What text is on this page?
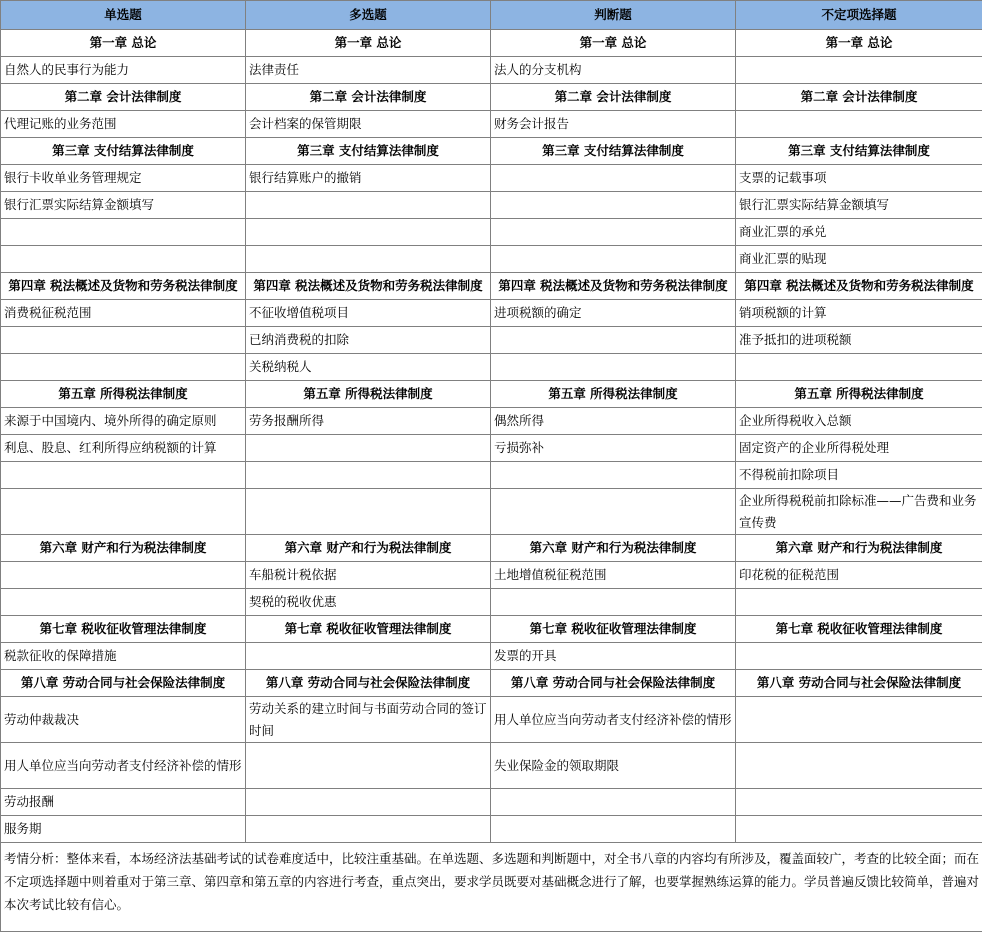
单选题	多选题	判断题	不定项选择题
第一章 总论	第一章 总论	第一章 总论	第一章 总论
自然人的民事行为能力	法律责任	法人的分支机构	
第二章 会计法律制度	第二章 会计法律制度	第二章 会计法律制度	第二章 会计法律制度
代理记账的业务范围	会计档案的保管期限	财务会计报告	
第三章 支付结算法律制度	第三章 支付结算法律制度	第三章 支付结算法律制度	第三章 支付结算法律制度
银行卡收单业务管理规定	银行结算账户的撤销		支票的记载事项
银行汇票实际结算金额填写			银行汇票实际结算金额填写
			商业汇票的承兑
			商业汇票的贴现
第四章 税法概述及货物和劳务税法律制度	第四章 税法概述及货物和劳务税法律制度	第四章 税法概述及货物和劳务税法律制度	第四章 税法概述及货物和劳务税法律制度
消费税征税范围	不征收增值税项目	进项税额的确定	销项税额的计算
	已纳消费税的扣除		准予抵扣的进项税额
	关税纳税人		
第五章 所得税法律制度	第五章 所得税法律制度	第五章 所得税法律制度	第五章 所得税法律制度
来源于中国境内、境外所得的确定原则	劳务报酬所得	偶然所得	企业所得税收入总额
利息、股息、红利所得应纳税额的计算		亏损弥补	固定资产的企业所得税处理
			不得税前扣除项目
			企业所得税税前扣除标准——广告费和业务宣传费
第六章 财产和行为税法律制度	第六章 财产和行为税法律制度	第六章 财产和行为税法律制度	第六章 财产和行为税法律制度
	车船税计税依据	土地增值税征税范围	印花税的征税范围
	契税的税收优惠		
第七章 税收征收管理法律制度	第七章 税收征收管理法律制度	第七章 税收征收管理法律制度	第七章 税收征收管理法律制度
税款征收的保障措施		发票的开具	
第八章 劳动合同与社会保险法律制度	第八章 劳动合同与社会保险法律制度	第八章 劳动合同与社会保险法律制度	第八章 劳动合同与社会保险法律制度
劳动仲裁裁决	劳动关系的建立时间与书面劳动合同的签订时间	用人单位应当向劳动者支付经济补偿的情形	
用人单位应当向劳动者支付经济补偿的情形		失业保险金的领取期限	
劳动报酬			
服务期			
考情分析：整体来看，本场经济法基础考试的试卷难度适中，比较注重基础。在单选题、多选题和判断题中，对全书八章的内容均有所涉及，覆盖面较广，考查的比较全面；而在不定项选择题中则着重对于第三章、第四章和第五章的内容进行考查，重点突出，要求学员既要对基础概念进行了解，也要掌握熟练运算的能力。学员普遍反馈比较简单，普遍对本次考试比较有信心。			
